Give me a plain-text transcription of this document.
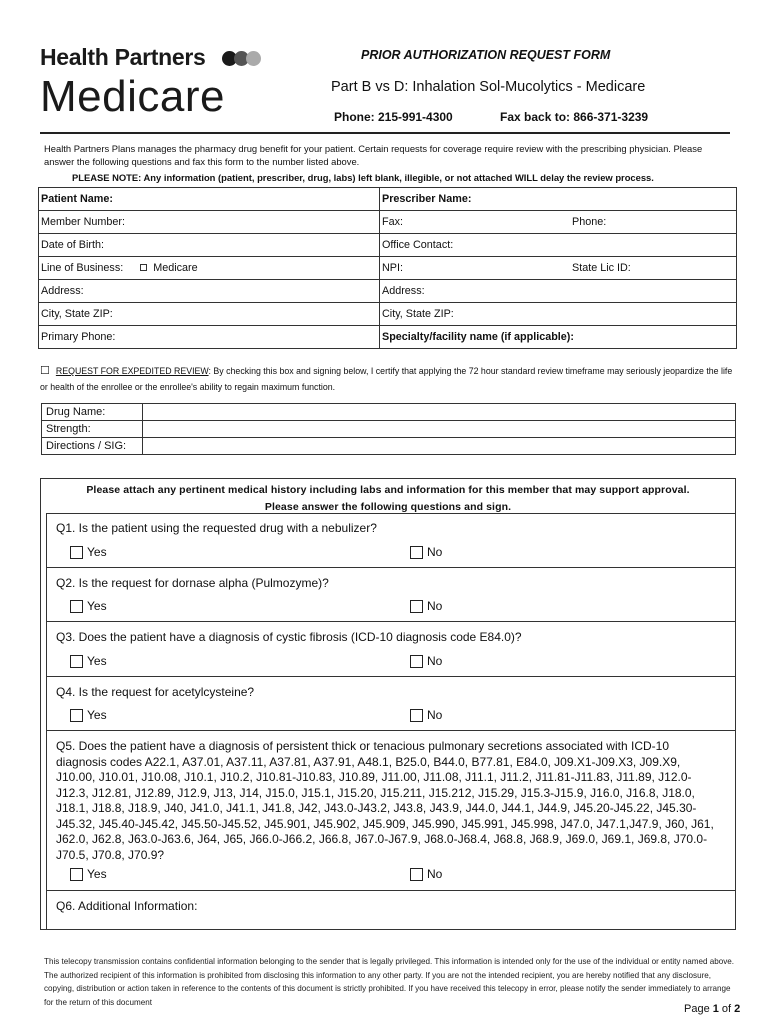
Health Partners
Medicare
PRIOR AUTHORIZATION REQUEST FORM
Part B vs D: Inhalation Sol-Mucolytics - Medicare
Phone: 215-991-4300	Fax back to: 866-371-3239
Health Partners Plans manages the pharmacy drug benefit for your patient. Certain requests for coverage require review with the prescribing physician. Please answer the following questions and fax this form to the number listed above.
PLEASE NOTE: Any information (patient, prescriber, drug, labs) left blank, illegible, or not attached WILL delay the review process.
Patient Name:	Prescriber Name:
Member Number:	Fax: Phone:
Date of Birth:	Office Contact:
Line of Business: Medicare	NPI: State Lic ID:
Address:	Address:
City, State ZIP:	City, State ZIP:
Primary Phone:	Specialty/facility name (if applicable):
☐ REQUEST FOR EXPEDITED REVIEW: By checking this box and signing below, I certify that applying the 72 hour standard review timeframe may seriously jeopardize the life or health of the enrollee or the enrollee's ability to regain maximum function.
Drug Name:	
Strength:	
Directions / SIG:	
Please attach any pertinent medical history including labs and information for this member that may support approval.
Please answer the following questions and sign.
Q1. Is the patient using the requested drug with a nebulizer?
Yes	No
Q2. Is the request for dornase alpha (Pulmozyme)?
Yes	No
Q3. Does the patient have a diagnosis of cystic fibrosis (ICD-10 diagnosis code E84.0)?
Yes	No
Q4. Is the request for acetylcysteine?
Yes	No
Q5. Does the patient have a diagnosis of persistent thick or tenacious pulmonary secretions associated with ICD-10 diagnosis codes A22.1, A37.01, A37.11, A37.81, A37.91, A48.1, B25.0, B44.0, B77.81, E84.0, J09.X1-J09.X3, J09.X9, J10.00, J10.01, J10.08, J10.1, J10.2, J10.81-J10.83, J10.89, J11.00, J11.08, J11.1, J11.2, J11.81-J11.83, J11.89, J12.0-J12.3, J12.81, J12.89, J12.9, J13, J14, J15.0, J15.1, J15.20, J15.211, J15.212, J15.29, J15.3-J15.9, J16.0, J16.8, J18.0, J18.1, J18.8, J18.9, J40, J41.0, J41.1, J41.8, J42, J43.0-J43.2, J43.8, J43.9, J44.0, J44.1, J44.9, J45.20-J45.22, J45.30-J45.32, J45.40-J45.42, J45.50-J45.52, J45.901, J45.902, J45.909, J45.990, J45.991, J45.998, J47.0, J47.1,J47.9, J60, J61, J62.0, J62.8, J63.0-J63.6, J64, J65, J66.0-J66.2, J66.8, J67.0-J67.9, J68.0-J68.4, J68.8, J68.9, J69.0, J69.1, J69.8, J70.0-J70.5, J70.8, J70.9?
Yes	No
Q6. Additional Information:
This telecopy transmission contains confidential information belonging to the sender that is legally privileged. This information is intended only for the use of the individual or entity named above. The authorized recipient of this information is prohibited from disclosing this information to any other party. If you are not the intended recipient, you are hereby notified that any disclosure, copying, distribution or action taken in reference to the contents of this document is strictly prohibited. If you have received this telecopy in error, please notify the sender immediately to arrange for the return of this document
Page 1 of 2
